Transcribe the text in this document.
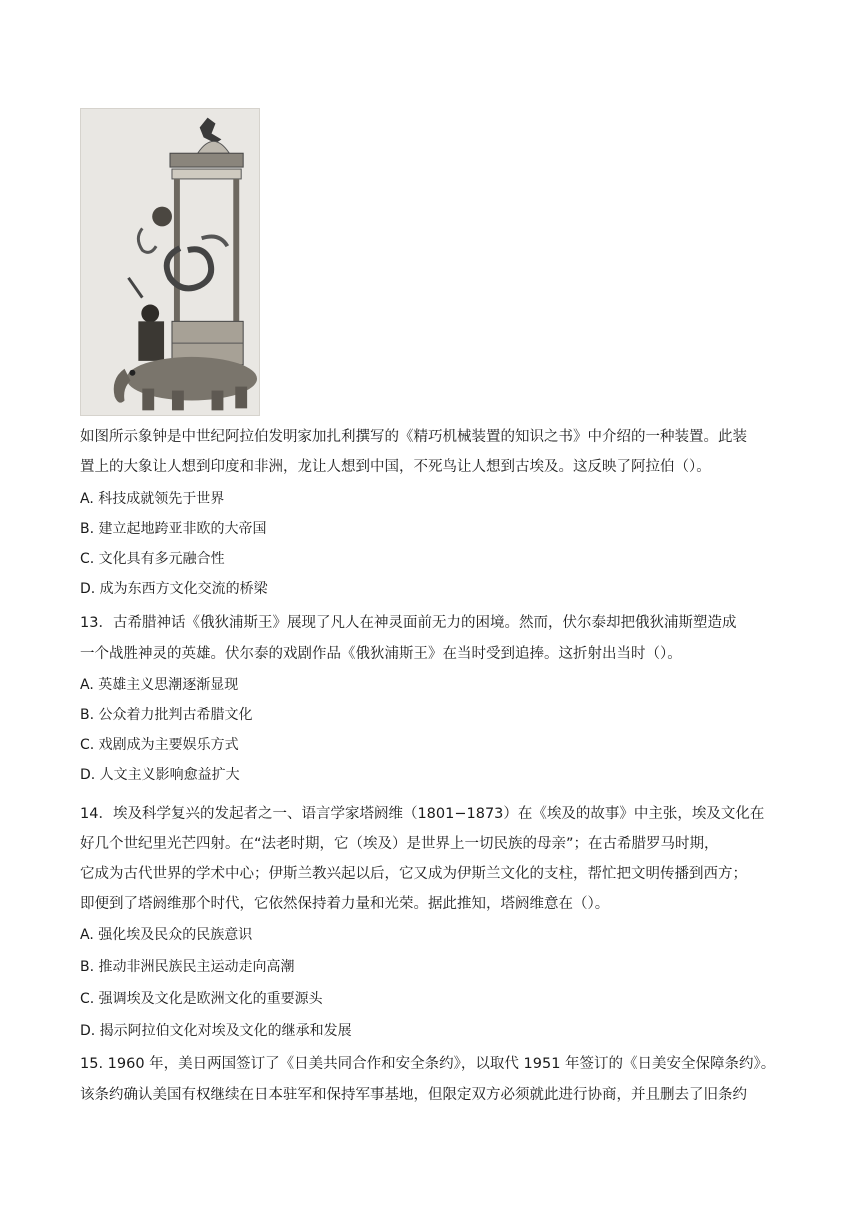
如图所示象钟是中世纪阿拉伯发明家加扎利撰写的《精巧机械装置的知识之书》中介绍的一种装置。此装
置上的大象让人想到印度和非洲，龙让人想到中国，不死鸟让人想到古埃及。这反映了阿拉伯（）。
A. 科技成就领先于世界
B. 建立起地跨亚非欧的大帝国
C. 文化具有多元融合性
D. 成为东西方文化交流的桥梁
13．古希腊神话《俄狄浦斯王》展现了凡人在神灵面前无力的困境。然而，伏尔泰却把俄狄浦斯塑造成
一个战胜神灵的英雄。伏尔泰的戏剧作品《俄狄浦斯王》在当时受到追捧。这折射出当时（）。
A. 英雄主义思潮逐渐显现
B. 公众着力批判古希腊文化
C. 戏剧成为主要娱乐方式
D. 人文主义影响愈益扩大
14．埃及科学复兴的发起者之一、语言学家塔阏维（1801−1873）在《埃及的故事》中主张，埃及文化在
好几个世纪里光芒四射。在“法老时期，它（埃及）是世界上一切民族的母亲”；在古希腊罗马时期，
它成为古代世界的学术中心；伊斯兰教兴起以后，它又成为伊斯兰文化的支柱，帮忙把文明传播到西方；
即便到了塔阏维那个时代，它依然保持着力量和光荣。据此推知，塔阏维意在（）。
A. 强化埃及民众的民族意识
B. 推动非洲民族民主运动走向高潮
C. 强调埃及文化是欧洲文化的重要源头
D. 揭示阿拉伯文化对埃及文化的继承和发展
15. 1960 年，美日两国签订了《日美共同合作和安全条约》，以取代 1951 年签订的《日美安全保障条约》。
该条约确认美国有权继续在日本驻军和保持军事基地，但限定双方必须就此进行协商，并且删去了旧条约
